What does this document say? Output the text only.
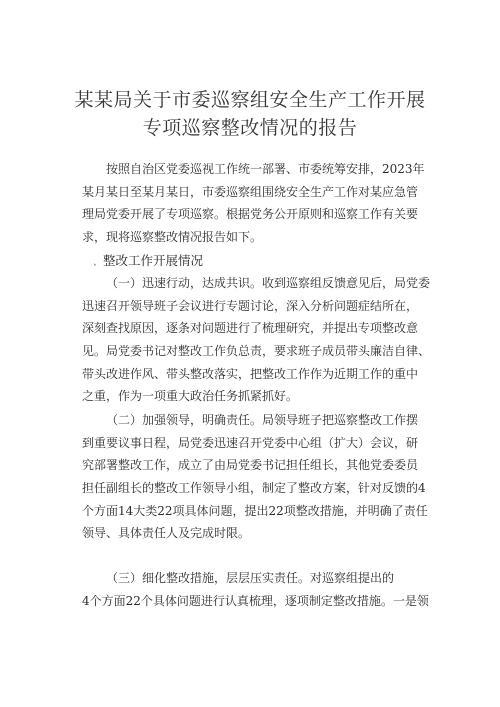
某某局关于市委巡察组安全生产工作开展
专项巡察整改情况的报告
按照自治区党委巡视工作统一部署、市委统筹安排，2023年
某月某日至某月某日，市委巡察组围绕安全生产工作对某应急管
理局党委开展了专项巡察。根据党务公开原则和巡察工作有关要
求，现将巡察整改情况报告如下。
、整改工作开展情况
（一）迅速行动，达成共识。收到巡察组反馈意见后，局党委
迅速召开领导班子会议进行专题讨论，深入分析问题症结所在，
深刻查找原因，逐条对问题进行了梳理研究，并提出专项整改意
见。局党委书记对整改工作负总责，要求班子成员带头廉洁自律、
带头改进作风、带头整改落实，把整改工作作为近期工作的重中
之重，作为一项重大政治任务抓紧抓好。
（二）加强领导，明确责任。局领导班子把巡察整改工作摆
到重要议事日程，局党委迅速召开党委中心组（扩大）会议，研
究部署整改工作，成立了由局党委书记担任组长，其他党委委员
担任副组长的整改工作领导小组，制定了整改方案，针对反馈的4
个方面14大类22项具体问题，提出22项整改措施，并明确了责任
领导、具体责任人及完成时限。
（三）细化整改措施，层层压实责任。对巡察组提出的
4个方面22个具体问题进行认真梳理，逐项制定整改措施。一是领
